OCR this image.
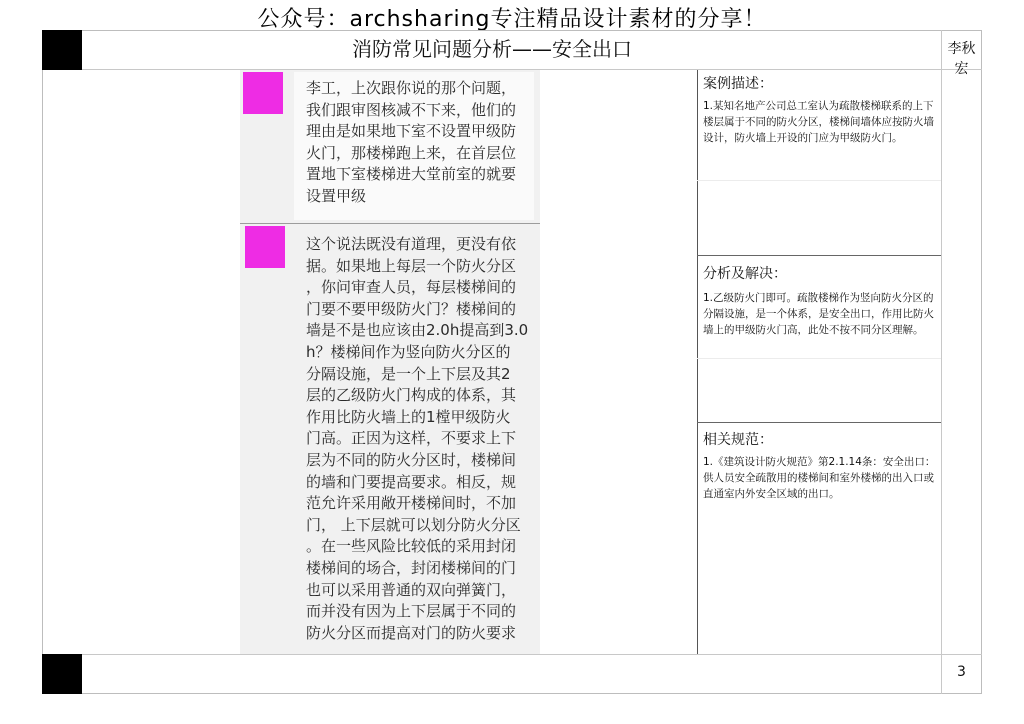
公众号：archsharing专注精品设计素材的分享！
消防常见问题分析——安全出口	李秋宏
3
李工，上次跟你说的那个问题，
我们跟审图核减不下来，他们的
理由是如果地下室不设置甲级防
火门，那楼梯跑上来，在首层位
置地下室楼梯进大堂前室的就要
设置甲级
这个说法既没有道理，更没有依
据。如果地上每层一个防火分区
，你问审查人员，每层楼梯间的
门要不要甲级防火门？楼梯间的
墙是不是也应该由2.0h提高到3.0
h？楼梯间作为竖向防火分区的
分隔设施，是一个上下层及其2
层的乙级防火门构成的体系，其
作用比防火墙上的1樘甲级防火
门高。正因为这样，不要求上下
层为不同的防火分区时，楼梯间
的墙和门要提高要求。相反，规
范允许采用敞开楼梯间时，不加
门， 上下层就可以划分防火分区
。在一些风险比较低的采用封闭
楼梯间的场合，封闭楼梯间的门
也可以采用普通的双向弹簧门，
而并没有因为上下层属于不同的
防火分区而提高对门的防火要求
案例描述：
1.某知名地产公司总工室认为疏散楼梯联系的上下
楼层属于不同的防火分区，楼梯间墙体应按防火墙
设计，防火墙上开设的门应为甲级防火门。
分析及解决：
1.乙级防火门即可。疏散楼梯作为竖向防火分区的
分隔设施，是一个体系，是安全出口，作用比防火
墙上的甲级防火门高，此处不按不同分区理解。
相关规范：
1.《建筑设计防火规范》第2.1.14条：安全出口：
供人员安全疏散用的楼梯间和室外楼梯的出入口或
直通室内外安全区域的出口。
